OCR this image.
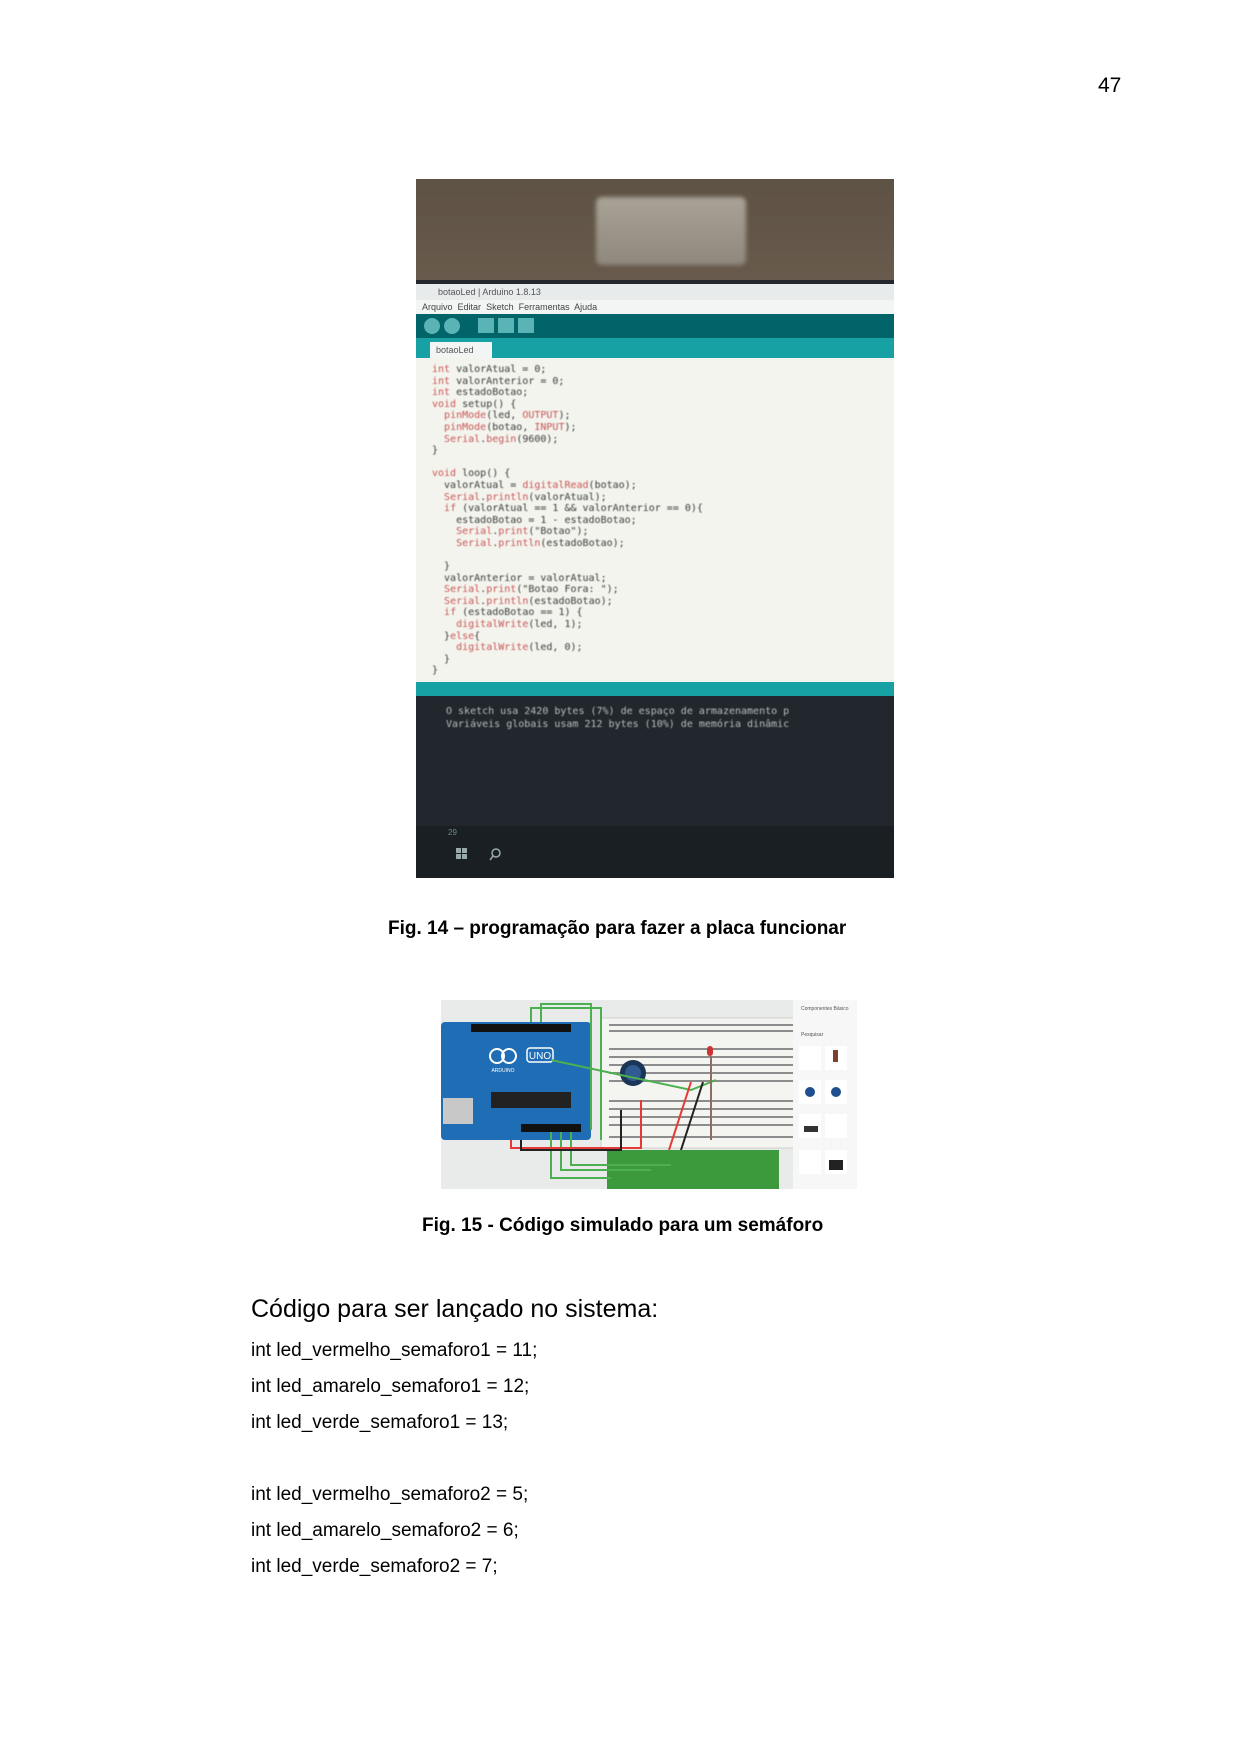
47
botaoLed | Arduino 1.8.13
Arquivo Editar Sketch Ferramentas Ajuda
botaoLed
int valorAtual = 0;
int valorAnterior = 0;
int estadoBotao;
void setup() {
pinMode(led, OUTPUT);
pinMode(botao, INPUT);
Serial.begin(9600);
}

void loop() {
valorAtual = digitalRead(botao);
Serial.println(valorAtual);
if (valorAtual == 1 && valorAnterior == 0){
estadoBotao = 1 - estadoBotao;
Serial.print("Botao");
Serial.println(estadoBotao);

}
valorAnterior = valorAtual;
Serial.print("Botao Fora: ");
Serial.println(estadoBotao);
if (estadoBotao == 1) {
digitalWrite(led, 1);
}else{
digitalWrite(led, 0);
}
}
O sketch usa 2420 bytes (7%) de espaço de armazenamento p
Variáveis globais usam 212 bytes (10%) de memória dinâmic
29
Fig. 14 – programação para fazer a placa funcionar
UNO
ARDUINO
Componentes Básico
Pesquisar
Fig. 15 - Código simulado para um semáforo
Código para ser lançado no sistema:
int led_vermelho_semaforo1 = 11;
int led_amarelo_semaforo1 = 12;
int led_verde_semaforo1 = 13;
int led_vermelho_semaforo2 = 5;
int led_amarelo_semaforo2 = 6;
int led_verde_semaforo2 = 7;
